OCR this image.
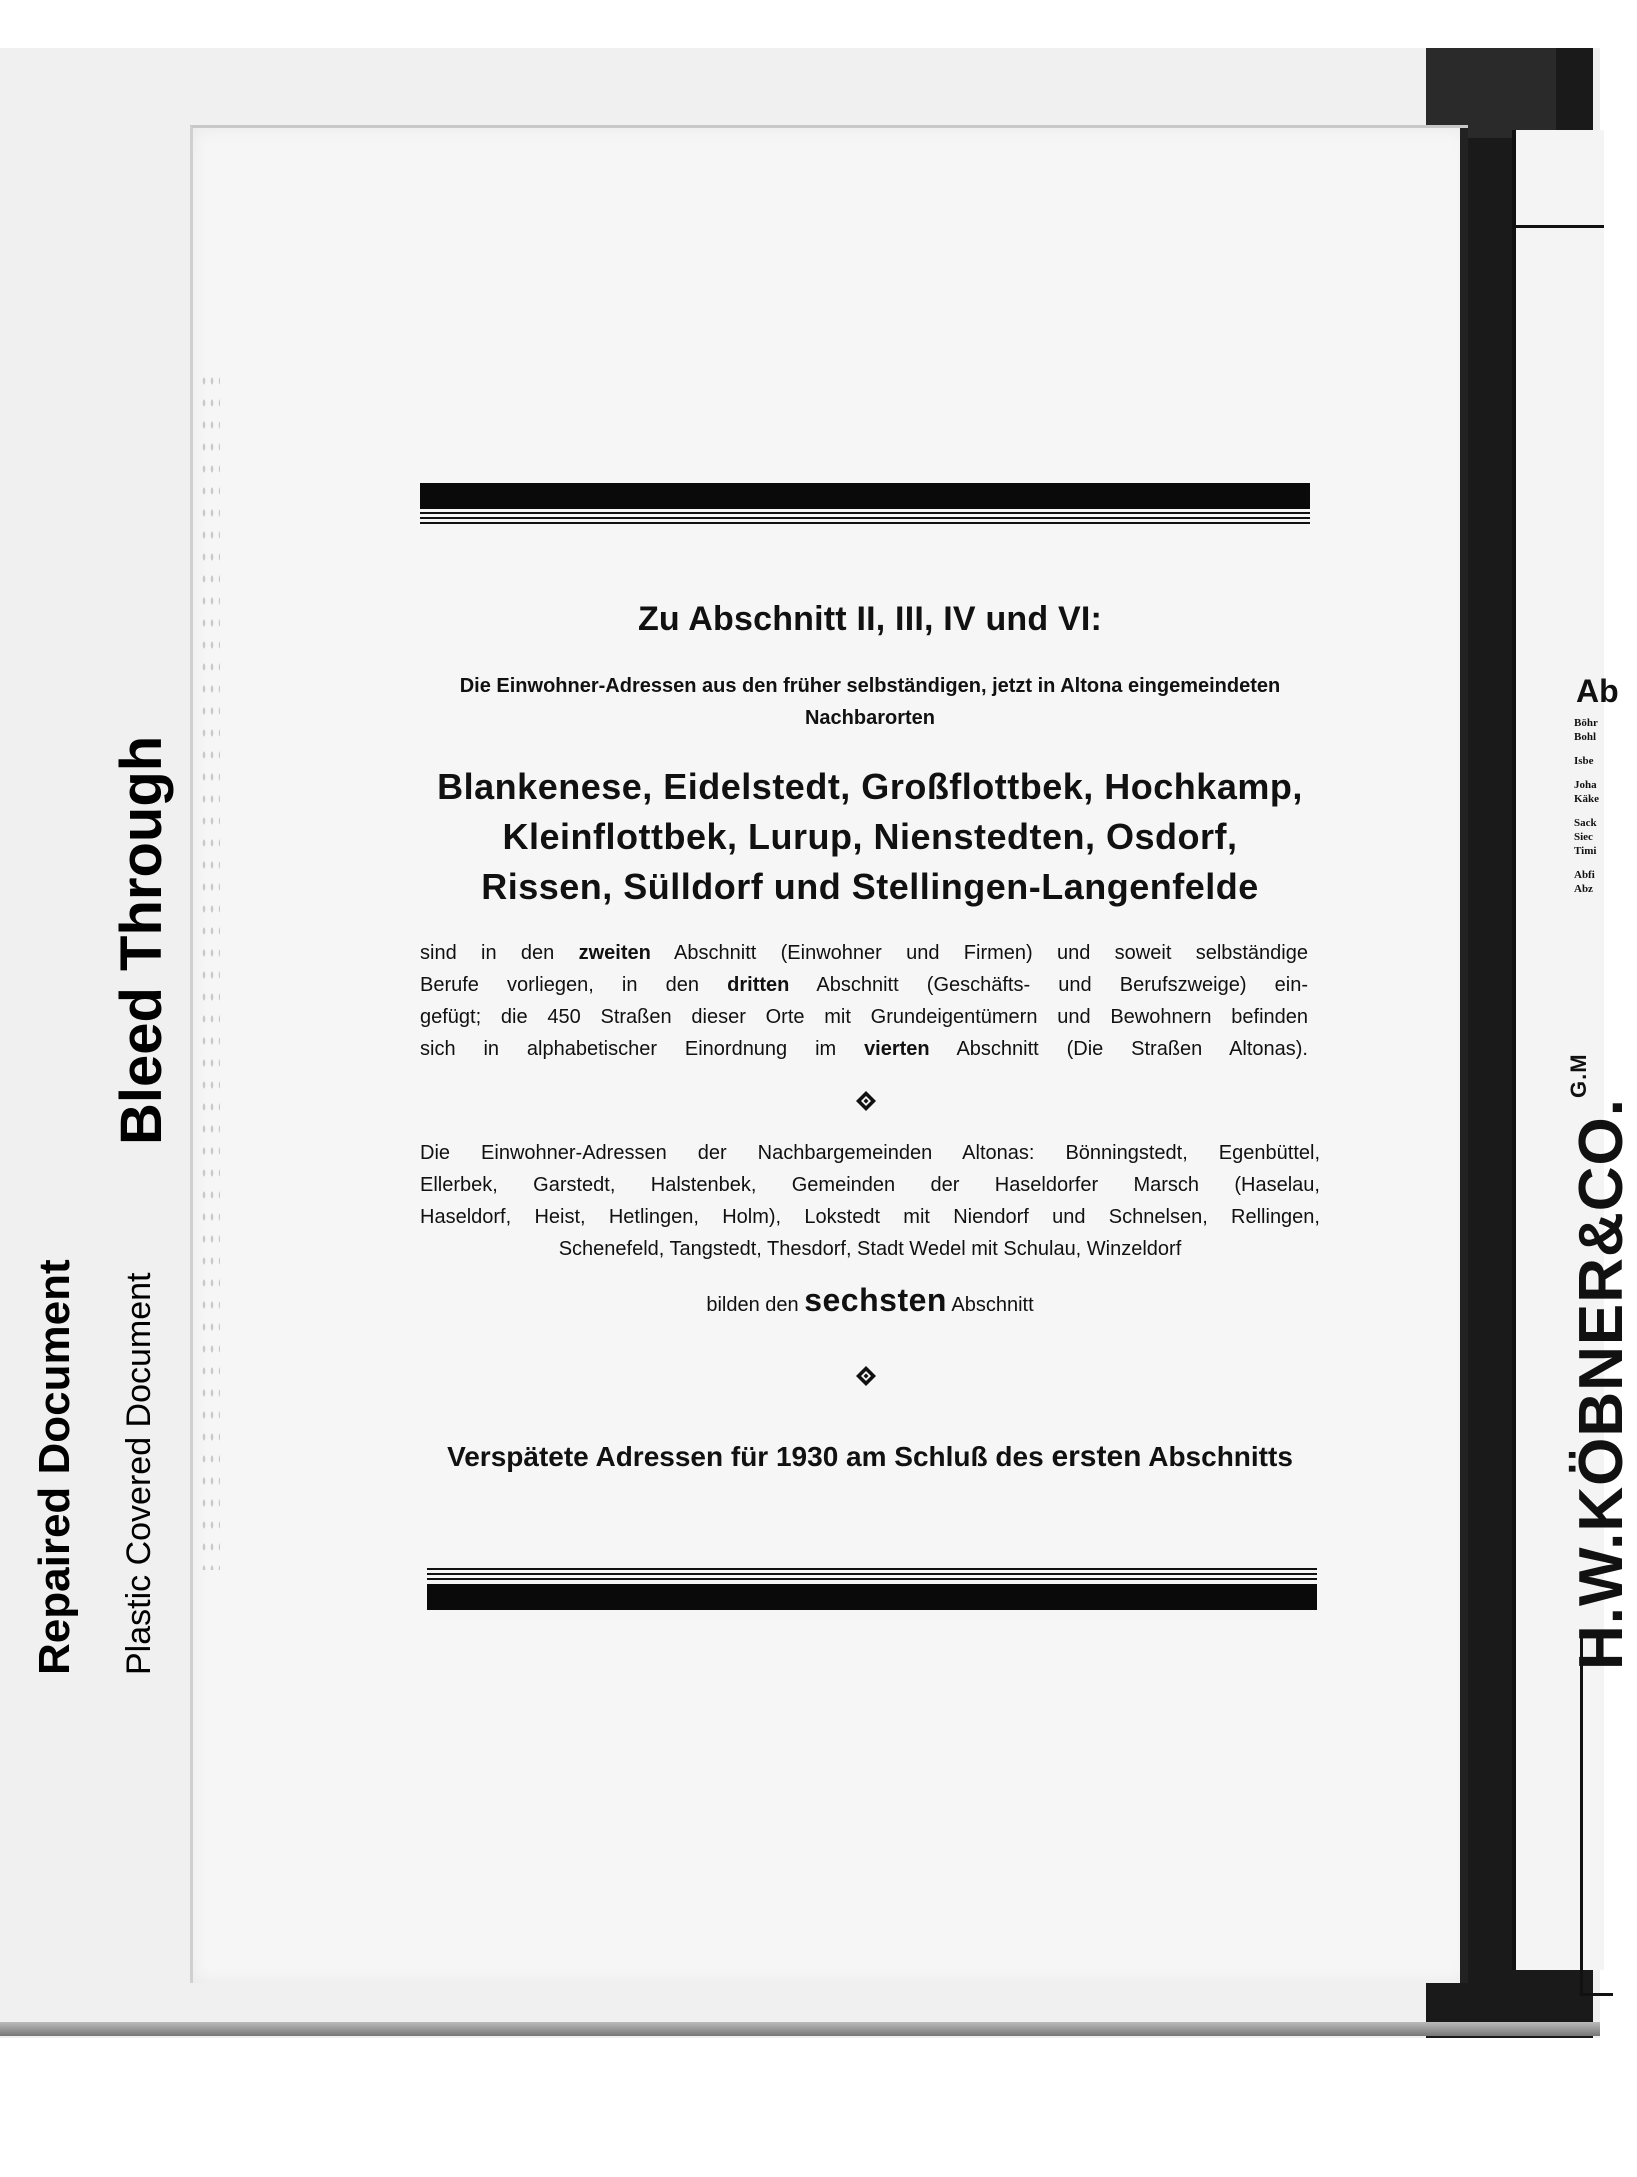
Repaired Document Plastic Covered Document
Bleed Through
Zu Abschnitt II, III, IV und VI:
Die Einwohner-Adressen aus den früher selbständigen, jetzt in Altona eingemeindeten
Nachbarorten
Blankenese, Eidelstedt, Großflottbek, Hochkamp,
Kleinflottbek, Lurup, Nienstedten, Osdorf,
Rissen, Sülldorf und Stellingen-Langenfelde
sind in den zweiten Abschnitt (Einwohner und Firmen) und soweit selbständige
Berufe vorliegen, in den dritten Abschnitt (Geschäfts- und Berufszweige) ein-
gefügt; die 450 Straßen dieser Orte mit Grundeigentümern und Bewohnern befinden
sich in alphabetischer Einordnung im vierten Abschnitt (Die Straßen Altonas).
Die Einwohner-Adressen der Nachbargemeinden Altonas: Bönningstedt, Egenbüttel,
Ellerbek, Garstedt, Halstenbek, Gemeinden der Haseldorfer Marsch (Haselau,
Haseldorf, Heist, Hetlingen, Holm), Lokstedt mit Niendorf und Schnelsen, Rellingen,
Schenefeld, Tangstedt, Thesdorf, Stadt Wedel mit Schulau, Winzeldorf
bilden den sechsten Abschnitt
Verspätete Adressen für 1930 am Schluß des ersten Abschnitts
Ab
Böhr
Bohl
Isbe
Joha
Käke
Sack
Siec
Timi
Abfi
Abz
H.W.KÖBNER&CO.$^{G.M}$
